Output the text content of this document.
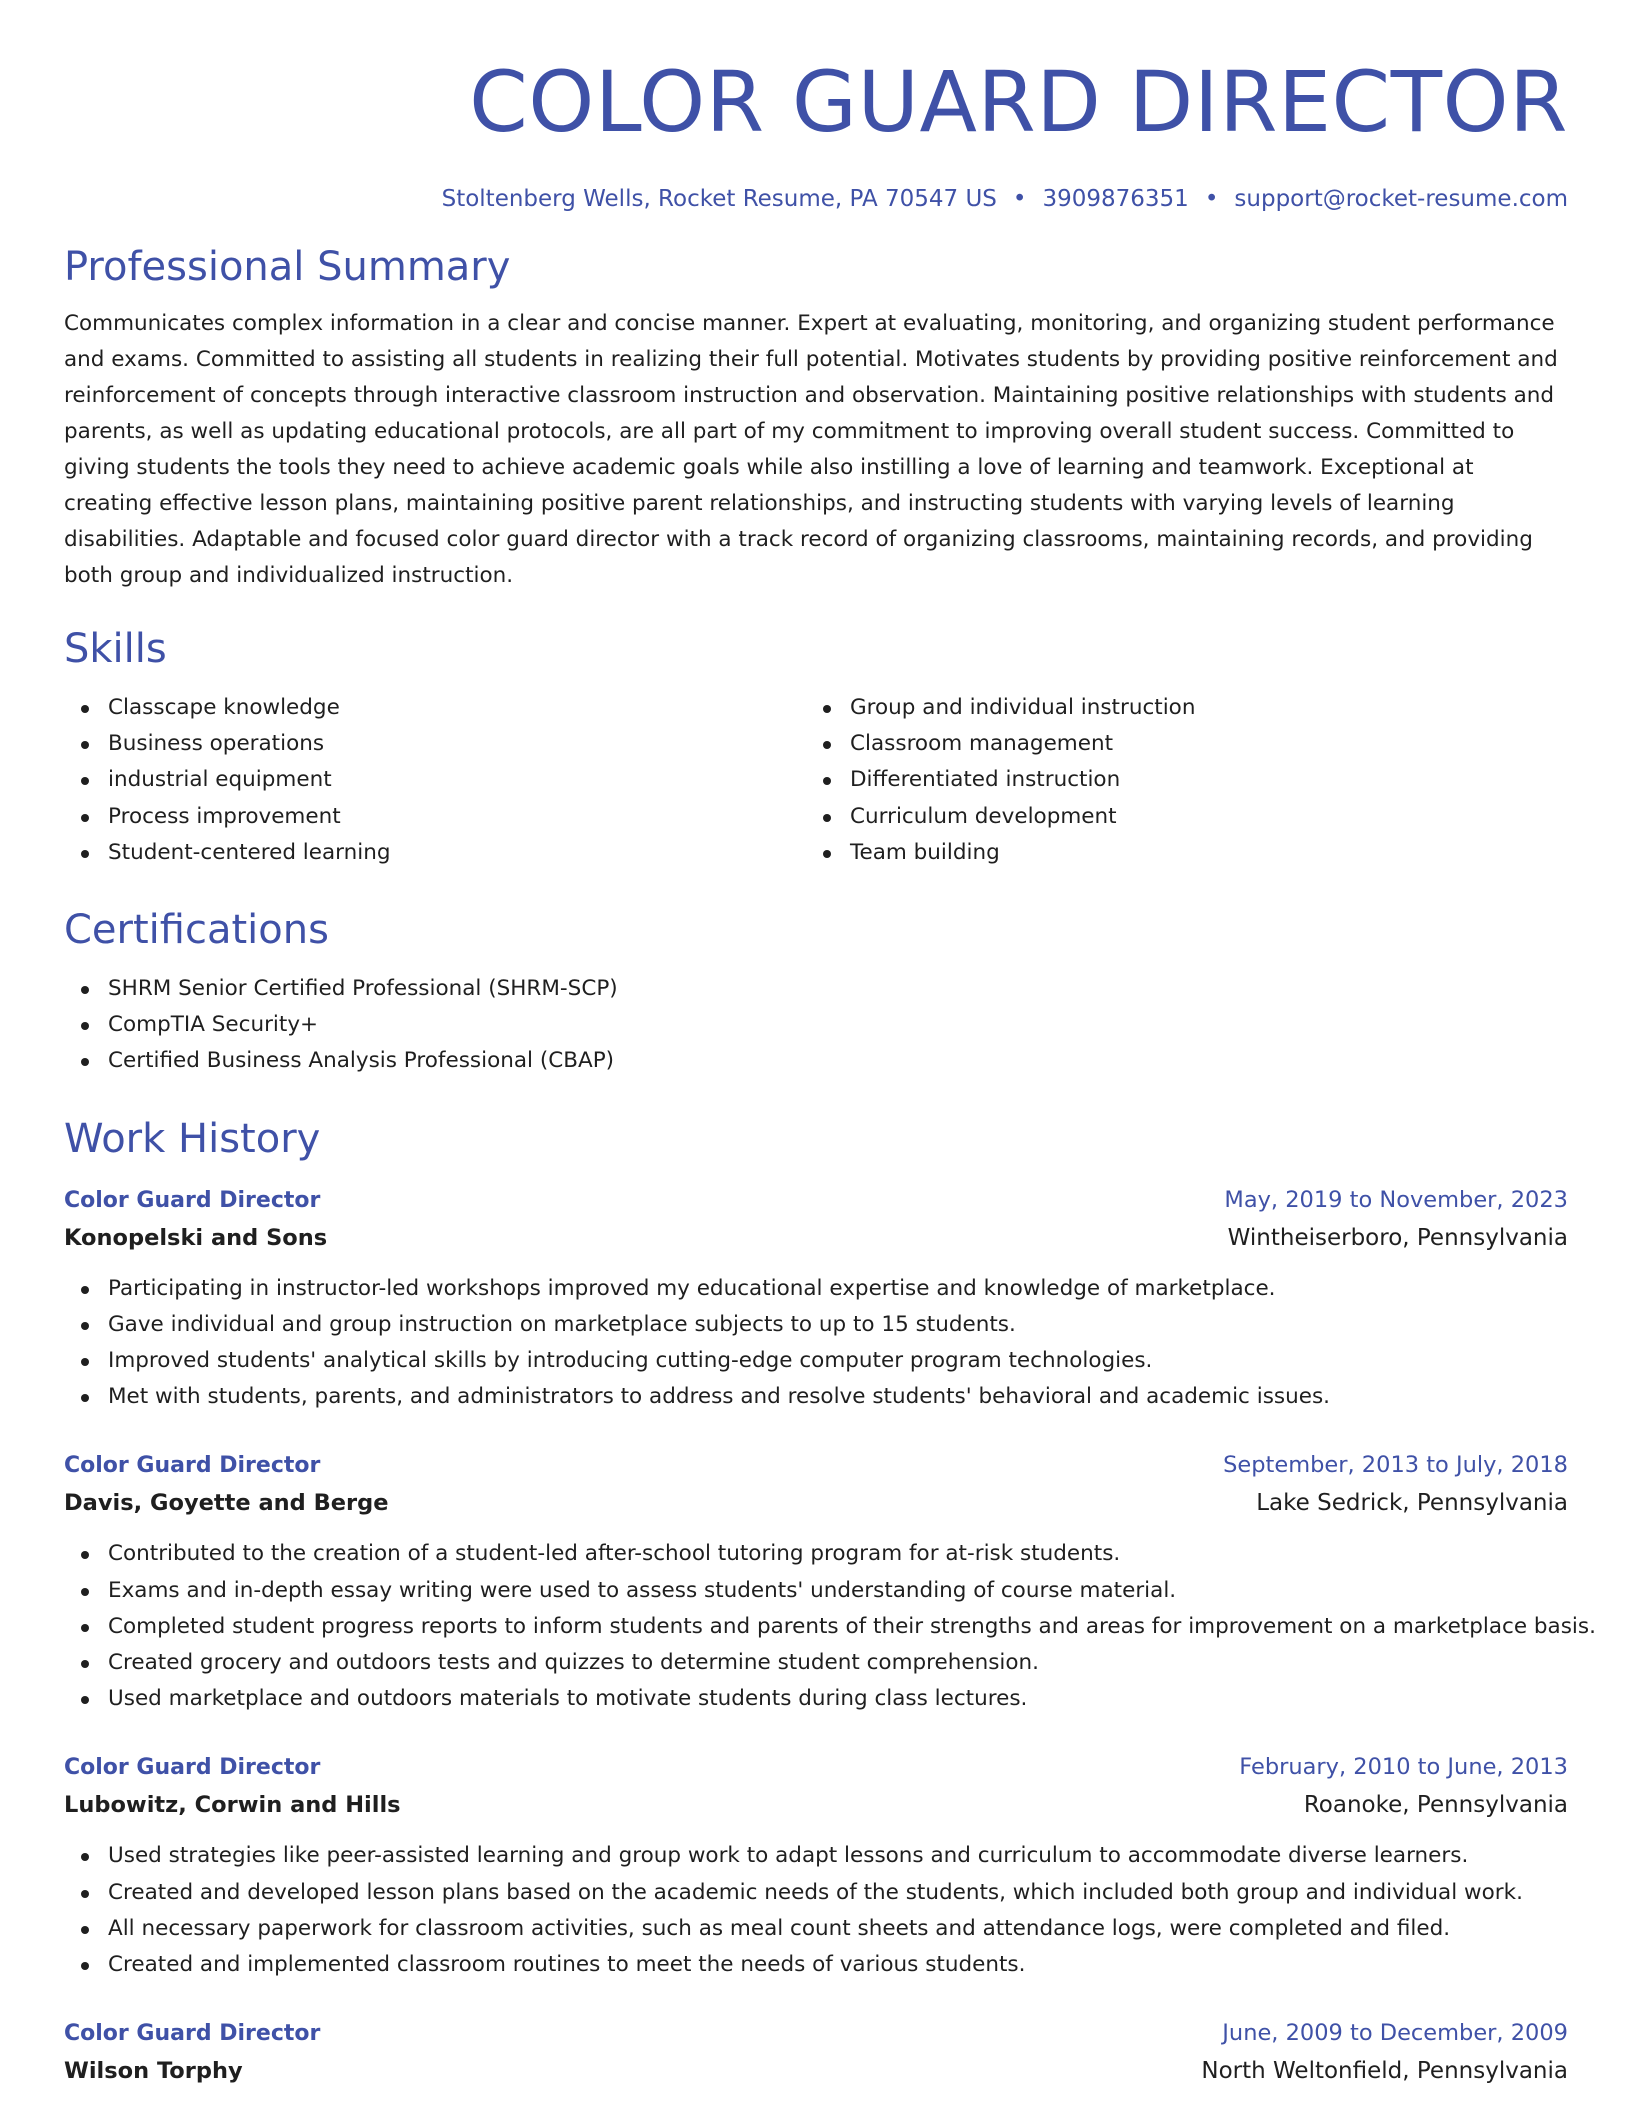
COLOR GUARD DIRECTOR
Stoltenberg Wells, Rocket Resume, PA 70547 US • 3909876351 • support@rocket-resume.com
Professional Summary

Communicates complex information in a clear and concise manner. Expert at evaluating, monitoring, and organizing student performance and exams. Committed to assisting all students in realizing their full potential. Motivates students by providing positive reinforcement and reinforcement of concepts through interactive classroom instruction and observation. Maintaining positive relationships with students and parents, as well as updating educational protocols, are all part of my commitment to improving overall student success. Committed to giving students the tools they need to achieve academic goals while also instilling a love of learning and teamwork. Exceptional at creating effective lesson plans, maintaining positive parent relationships, and instructing students with varying levels of learning disabilities. Adaptable and focused color guard director with a track record of organizing classrooms, maintaining records, and providing both group and individualized instruction.

Skills
Classcape knowledge
Business operations
industrial equipment
Process improvement
Student-centered learning
Group and individual instruction
Classroom management
Differentiated instruction
Curriculum development
Team building
Certifications
SHRM Senior Certified Professional (SHRM-SCP)
CompTIA Security+
Certified Business Analysis Professional (CBAP)
Work History
Color Guard Director	May, 2019 to November, 2023
Konopelski and Sons	Wintheiserboro, Pennsylvania
Participating in instructor-led workshops improved my educational expertise and knowledge of marketplace.
Gave individual and group instruction on marketplace subjects to up to 15 students.
Improved students' analytical skills by introducing cutting-edge computer program technologies.
Met with students, parents, and administrators to address and resolve students' behavioral and academic issues.
Color Guard Director	September, 2013 to July, 2018
Davis, Goyette and Berge	Lake Sedrick, Pennsylvania
Contributed to the creation of a student-led after-school tutoring program for at-risk students.
Exams and in-depth essay writing were used to assess students' understanding of course material.
Completed student progress reports to inform students and parents of their strengths and areas for improvement on a marketplace basis.
Created grocery and outdoors tests and quizzes to determine student comprehension.
Used marketplace and outdoors materials to motivate students during class lectures.
Color Guard Director	February, 2010 to June, 2013
Lubowitz, Corwin and Hills	Roanoke, Pennsylvania
Used strategies like peer-assisted learning and group work to adapt lessons and curriculum to accommodate diverse learners.
Created and developed lesson plans based on the academic needs of the students, which included both group and individual work.
All necessary paperwork for classroom activities, such as meal count sheets and attendance logs, were completed and filed.
Created and implemented classroom routines to meet the needs of various students.
Color Guard Director	June, 2009 to December, 2009
Wilson Torphy	North Weltonfield, Pennsylvania
